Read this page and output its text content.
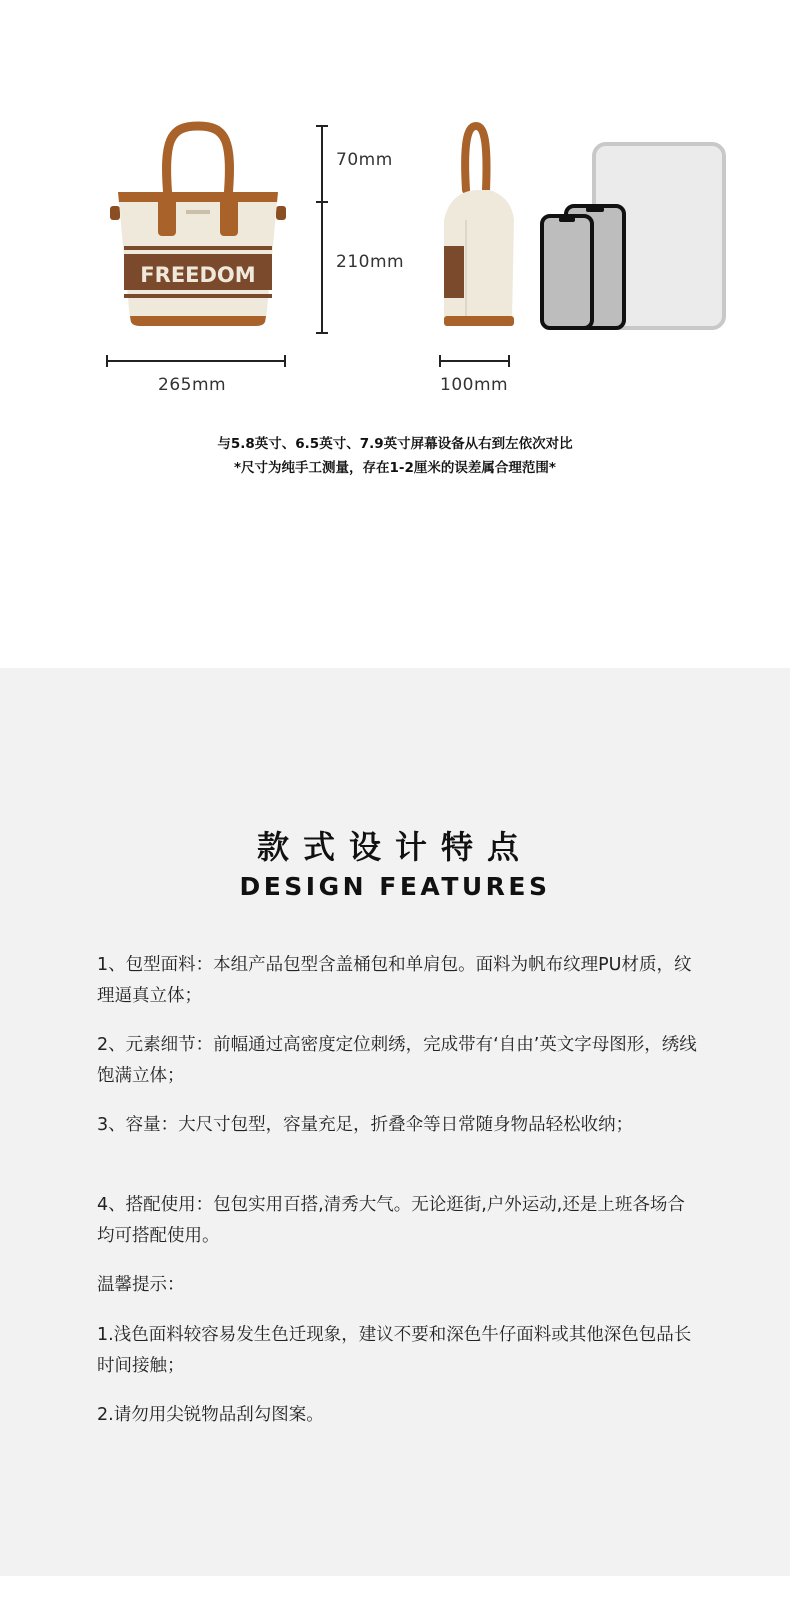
FREEDOM
70mm
210mm
265mm	100mm
与5.8英寸、6.5英寸、7.9英寸屏幕设备从右到左依次对比
*尺寸为纯手工测量，存在1-2厘米的误差属合理范围*
款式设计特点
DESIGN FEATURES
1、包型面料：本组产品包型含盖桶包和单肩包。面料为帆布纹理PU材质，纹理逼真立体；
2、元素细节：前幅通过高密度定位刺绣，完成带有‘自由’英文字母图形，绣线饱满立体；
3、容量：大尺寸包型，容量充足，折叠伞等日常随身物品轻松收纳；
4、搭配使用：包包实用百搭,清秀大气。无论逛街,户外运动,还是上班各场合均可搭配使用。
温馨提示：
1.浅色面料较容易发生色迁现象，建议不要和深色牛仔面料或其他深色包品长时间接触；
2.请勿用尖锐物品刮勾图案。
